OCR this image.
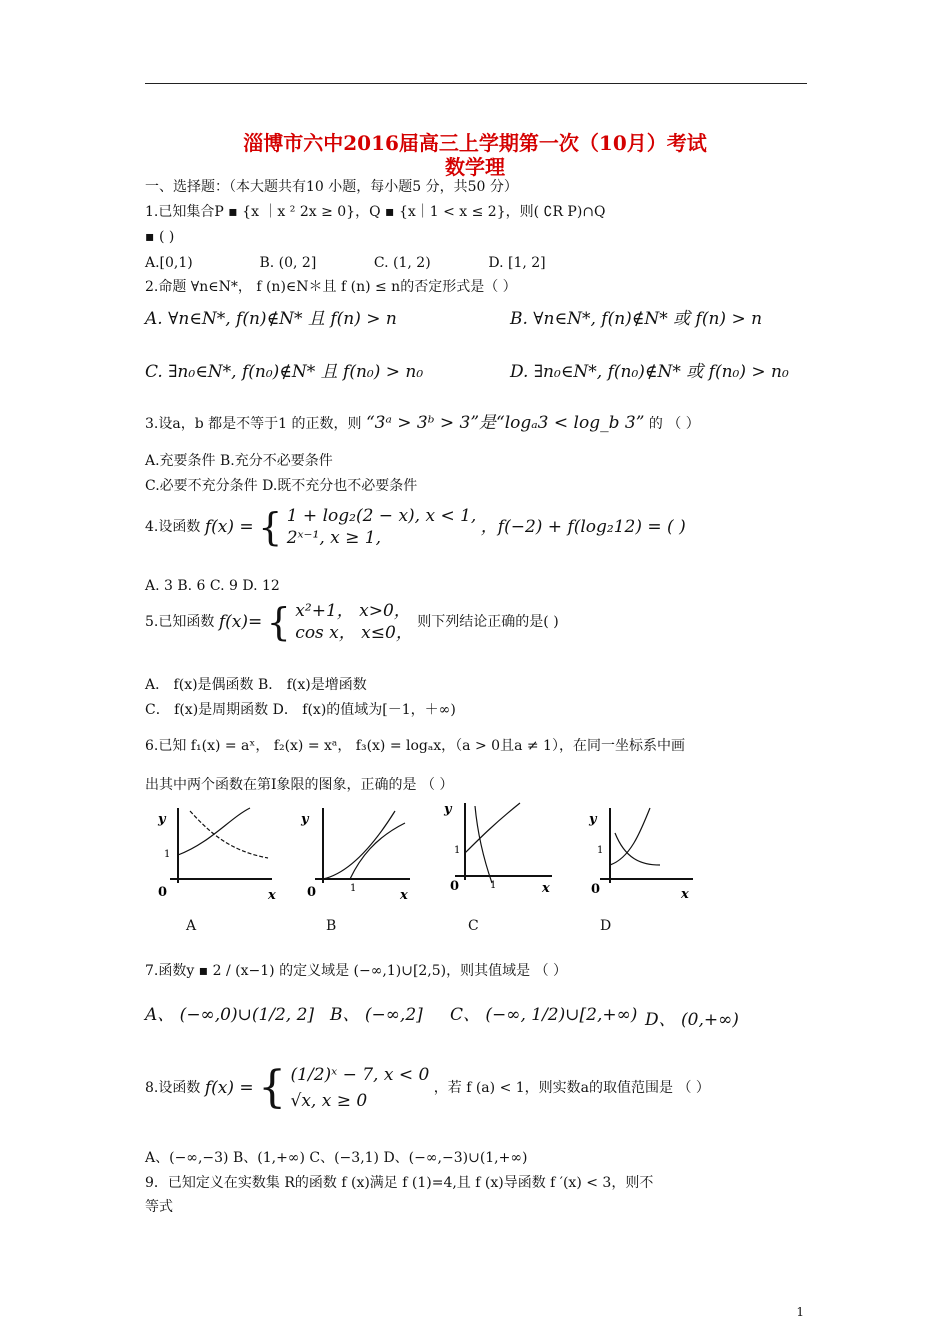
淄博市六中2016届高三上学期第一次（10月）考试
数学理
一、选择题：（本大题共有10 小题，每小题5 分，共50 分）
1.已知集合P ▪ {x ｜x ² 2x ≥ 0}，Q ▪ {x｜1 < x ≤ 2}，则( ∁R P)∩Q
▪ ( )
A.[0,1)	B. (0, 2]	C. (1, 2)	D. [1, 2]
2.命题 ∀n∈N*， f (n)∈N＊且 f (n) ≤ n的否定形式是（ ）
A. ∀n∈N*, f(n)∉N* 且 f(n) > n	B. ∀n∈N*, f(n)∉N* 或 f(n) > n
C. ∃n₀∈N*, f(n₀)∉N* 且 f(n₀) > n₀	D. ∃n₀∈N*, f(n₀)∉N* 或 f(n₀) > n₀
3.设a，b 都是不等于1 的正数，则 “3ᵃ > 3ᵇ > 3”是“logₐ3 < log_b 3” 的 （ ）
A.充要条件 B.充分不必要条件
C.必要不充分条件 D.既不充分也不必要条件
4.设函数 f(x) = { 1 + log₂(2 − x), x < 1,
2ˣ⁻¹, x ≥ 1, ，f(−2) + f(log₂12) = ( )
A. 3 B. 6 C. 9 D. 12
5.已知函数 f(x)= { x²+1， x>0，
cos x， x≤0， 则下列结论正确的是( )
A． f(x)是偶函数 B． f(x)是增函数
C． f(x)是周期函数 D． f(x)的值域为[－1，＋∞)
6.已知 f₁(x) = aˣ， f₂(x) = xᵃ， f₃(x) = logₐx，（a > 0且a ≠ 1），在同一坐标系中画
出其中两个函数在第Ⅰ象限的图象，正确的是 （ ）
y
1
0	x
A
y
0	1	x
B
y
1
0	1	x
C
y
1
0	x
D
7.函数y ▪ 2 / (x−1) 的定义域是 (−∞,1)∪[2,5)，则其值域是 （ ）
A、 (−∞,0)∪(1/2, 2] B、 (−∞,2] C、 (−∞, 1/2)∪[2,+∞) D、 (0,+∞)
8.设函数 f(x) = { (1/2)ˣ − 7, x < 0
√x, x ≥ 0 ，若 f (a) < 1，则实数a的取值范围是 （ ）
A、(−∞,−3) B、(1,+∞) C、(−3,1) D、(−∞,−3)∪(1,+∞)
9．已知定义在实数集 R的函数 f (x)满足 f (1)=4,且 f (x)导函数 f ′(x) < 3，则不
等式
1
